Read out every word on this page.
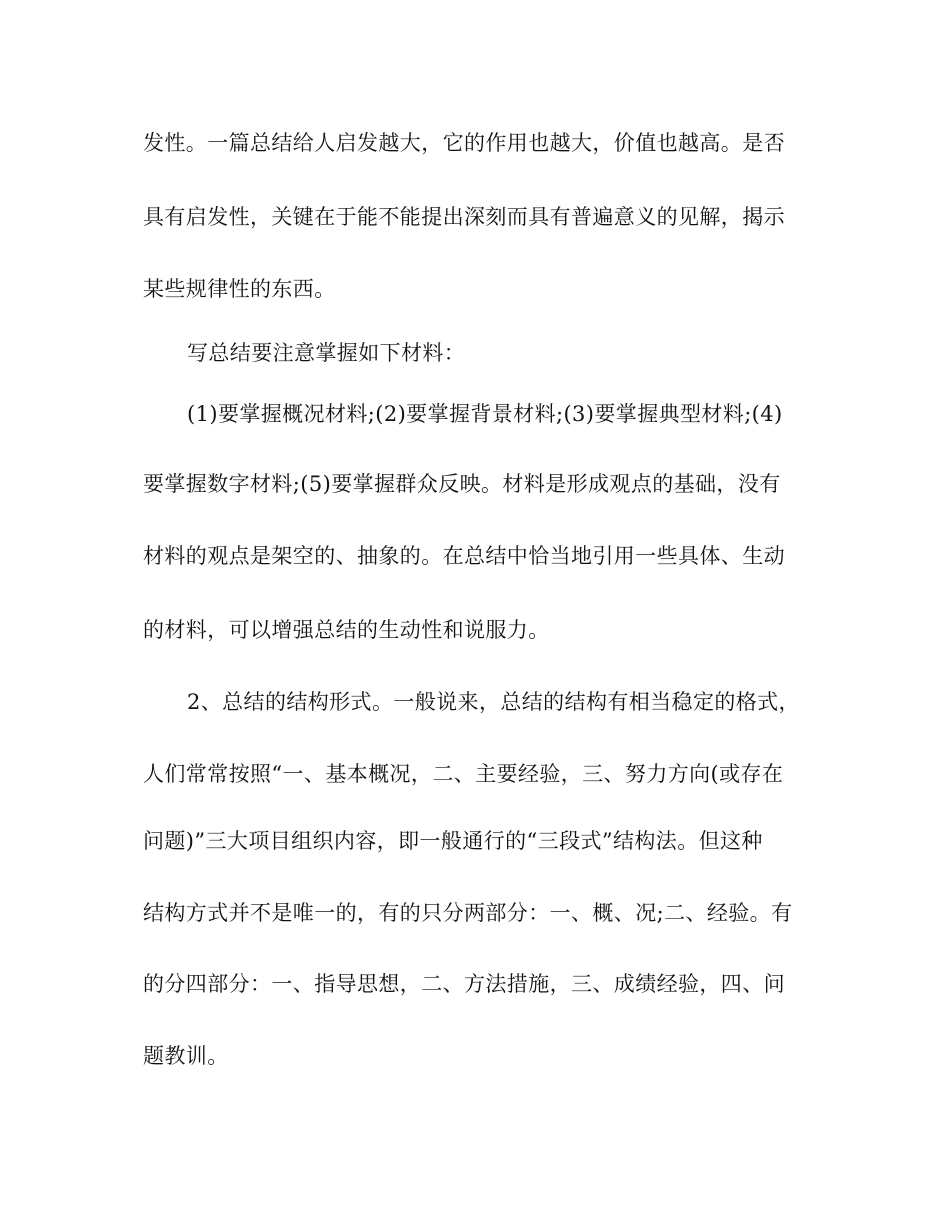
发性。一篇总结给人启发越大，它的作用也越大，价值也越高。是否
具有启发性，关键在于能不能提出深刻而具有普遍意义的见解，揭示
某些规律性的东西。
写总结要注意掌握如下材料：
(1)要掌握概况材料;(2)要掌握背景材料;(3)要掌握典型材料;(4)
要掌握数字材料;(5)要掌握群众反映。材料是形成观点的基础，没有
材料的观点是架空的、抽象的。在总结中恰当地引用一些具体、生动
的材料，可以增强总结的生动性和说服力。
2、总结的结构形式。一般说来，总结的结构有相当稳定的格式，
人们常常按照“一、基本概况，二、主要经验，三、努力方向(或存在
问题)”三大项目组织内容，即一般通行的“三段式”结构法。但这种
结构方式并不是唯一的，有的只分两部分：一、概、况;二、经验。有
的分四部分：一、指导思想，二、方法措施，三、成绩经验，四、问
题教训。
